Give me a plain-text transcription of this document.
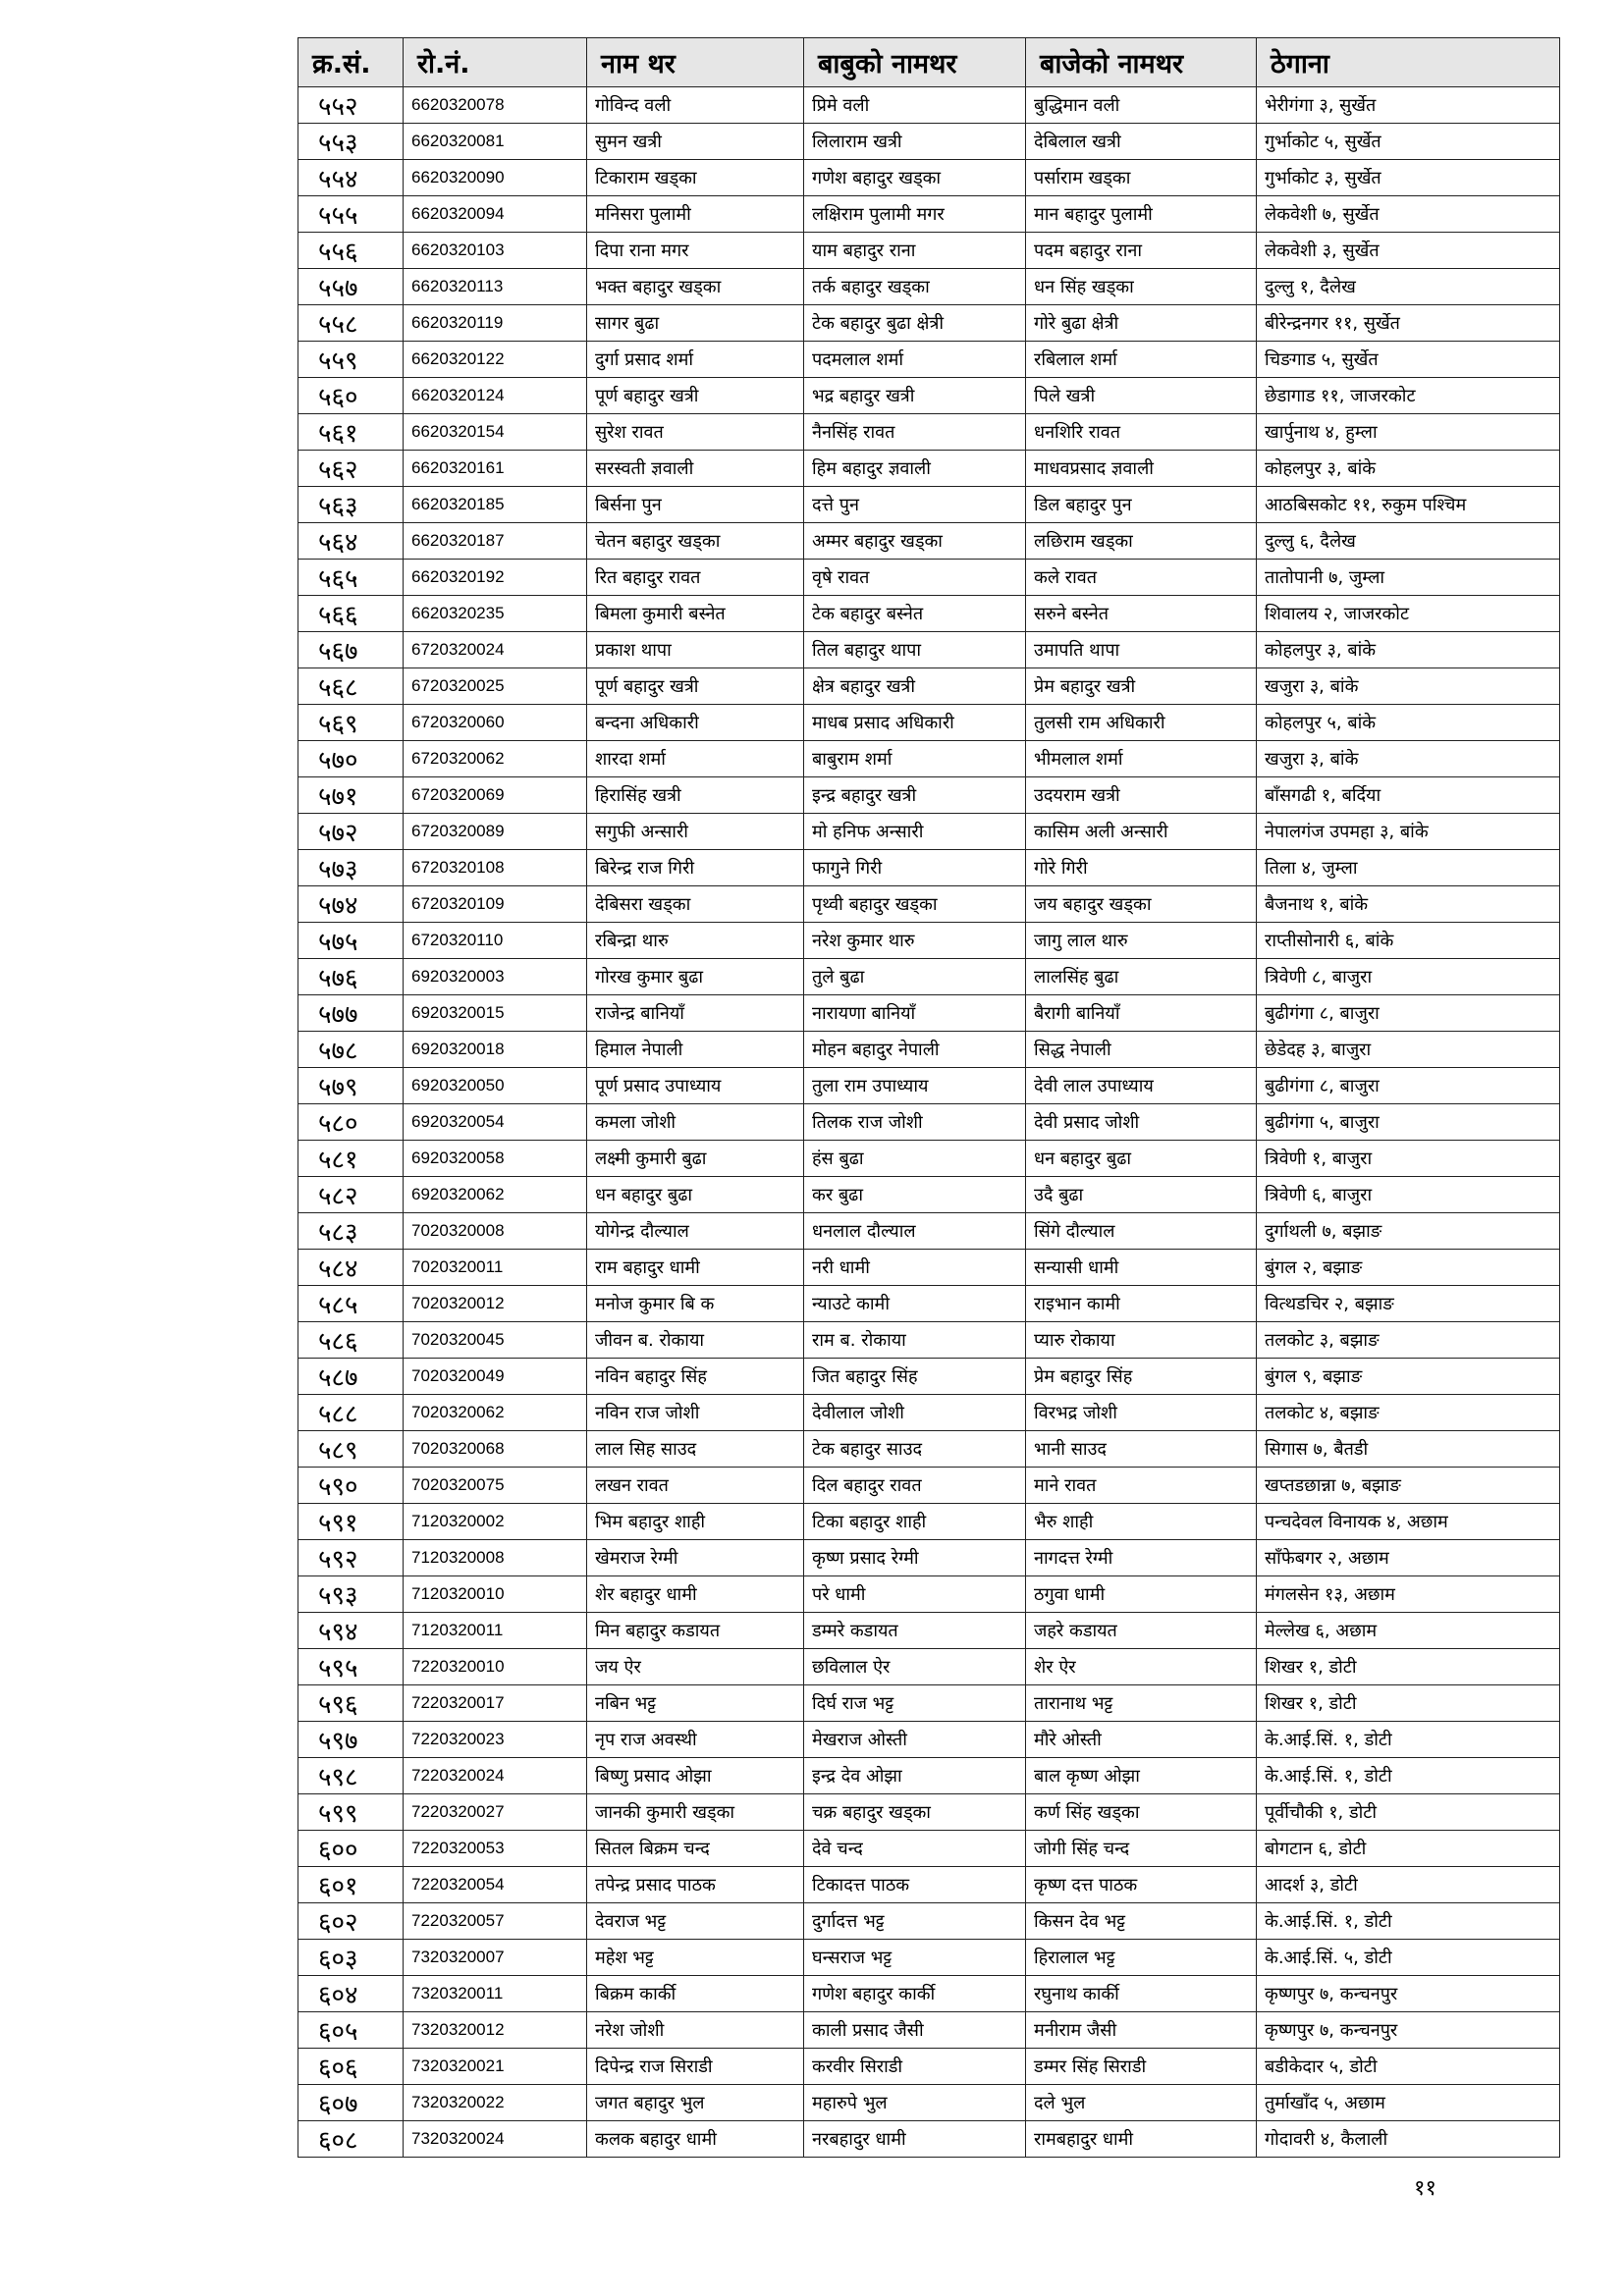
क्र.सं.	रो.नं.	नाम थर	बाबुको नामथर	बाजेको नामथर	ठेगाना
५५२	6620320078	गोविन्द वली	प्रिमे वली	बुद्धिमान वली	भेरीगंगा ३, सुर्खेत
५५३	6620320081	सुमन खत्री	लिलाराम खत्री	देबिलाल खत्री	गुर्भाकोट ५, सुर्खेत
५५४	6620320090	टिकाराम खड्का	गणेश बहादुर खड्का	पर्साराम खड्का	गुर्भाकोट ३, सुर्खेत
५५५	6620320094	मनिसरा पुलामी	लक्षिराम पुलामी मगर	मान बहादुर पुलामी	लेकवेशी ७, सुर्खेत
५५६	6620320103	दिपा राना मगर	याम बहादुर राना	पदम बहादुर राना	लेकवेशी ३, सुर्खेत
५५७	6620320113	भक्त बहादुर खड्का	तर्क बहादुर खड्का	धन सिंह खड्का	दुल्लु १, दैलेख
५५८	6620320119	सागर बुढा	टेक बहादुर बुढा क्षेत्री	गोरे बुढा क्षेत्री	बीरेन्द्रनगर ११, सुर्खेत
५५९	6620320122	दुर्गा प्रसाद शर्मा	पदमलाल शर्मा	रबिलाल शर्मा	चिङगाड ५, सुर्खेत
५६०	6620320124	पूर्ण बहादुर खत्री	भद्र बहादुर खत्री	पिले खत्री	छेडागाड ११, जाजरकोट
५६१	6620320154	सुरेश रावत	नैनसिंह रावत	धनशिरि रावत	खार्पुनाथ ४, हुम्ला
५६२	6620320161	सरस्वती ज्ञवाली	हिम बहादुर ज्ञवाली	माधवप्रसाद ज्ञवाली	कोहलपुर ३, बांके
५६३	6620320185	बिर्सना पुन	दत्ते पुन	डिल बहादुर पुन	आठबिसकोट ११, रुकुम पश्चिम
५६४	6620320187	चेतन बहादुर खड्का	अम्मर बहादुर खड्का	लछिराम खड्का	दुल्लु ६, दैलेख
५६५	6620320192	रित बहादुर रावत	वृषे रावत	कले रावत	तातोपानी ७, जुम्ला
५६६	6620320235	बिमला कुमारी बस्नेत	टेक बहादुर बस्नेत	सरुने बस्नेत	शिवालय २, जाजरकोट
५६७	6720320024	प्रकाश थापा	तिल बहादुर थापा	उमापति थापा	कोहलपुर ३, बांके
५६८	6720320025	पूर्ण बहादुर खत्री	क्षेत्र बहादुर खत्री	प्रेम बहादुर खत्री	खजुरा ३, बांके
५६९	6720320060	बन्दना अधिकारी	माधब प्रसाद अधिकारी	तुलसी राम अधिकारी	कोहलपुर ५, बांके
५७०	6720320062	शारदा शर्मा	बाबुराम शर्मा	भीमलाल शर्मा	खजुरा ३, बांके
५७१	6720320069	हिरासिंह खत्री	इन्द्र बहादुर खत्री	उदयराम खत्री	बाँसगढी १, बर्दिया
५७२	6720320089	सगुफी अन्सारी	मो हनिफ अन्सारी	कासिम अली अन्सारी	नेपालगंज उपमहा ३, बांके
५७३	6720320108	बिरेन्द्र राज गिरी	फागुने गिरी	गोरे गिरी	तिला ४, जुम्ला
५७४	6720320109	देबिसरा खड्का	पृथ्वी बहादुर खड्का	जय बहादुर खड्का	बैजनाथ १, बांके
५७५	6720320110	रबिन्द्रा थारु	नरेश कुमार थारु	जागु लाल थारु	राप्तीसोनारी ६, बांके
५७६	6920320003	गोरख कुमार बुढा	तुले बुढा	लालसिंह बुढा	त्रिवेणी ८, बाजुरा
५७७	6920320015	राजेन्द्र बानियाँ	नारायणा बानियाँ	बैरागी बानियाँ	बुढीगंगा ८, बाजुरा
५७८	6920320018	हिमाल नेपाली	मोहन बहादुर नेपाली	सिद्ध नेपाली	छेडेदह ३, बाजुरा
५७९	6920320050	पूर्ण प्रसाद उपाध्याय	तुला राम उपाध्याय	देवी लाल उपाध्याय	बुढीगंगा ८, बाजुरा
५८०	6920320054	कमला जोशी	तिलक राज जोशी	देवी प्रसाद जोशी	बुढीगंगा ५, बाजुरा
५८१	6920320058	लक्ष्मी कुमारी बुढा	हंस बुढा	धन बहादुर बुढा	त्रिवेणी १, बाजुरा
५८२	6920320062	धन बहादुर बुढा	कर बुढा	उदै बुढा	त्रिवेणी ६, बाजुरा
५८३	7020320008	योगेन्द्र दौल्याल	धनलाल दौल्याल	सिंगे दौल्याल	दुर्गाथली ७, बझाङ
५८४	7020320011	राम बहादुर धामी	नरी धामी	सन्यासी धामी	बुंगल २, बझाङ
५८५	7020320012	मनोज कुमार बि क	न्याउटे कामी	राइभान कामी	वित्थडचिर २, बझाङ
५८६	7020320045	जीवन ब. रोकाया	राम ब. रोकाया	प्यारु रोकाया	तलकोट ३, बझाङ
५८७	7020320049	नविन बहादुर सिंह	जित बहादुर सिंह	प्रेम बहादुर सिंह	बुंगल ९, बझाङ
५८८	7020320062	नविन राज जोशी	देवीलाल जोशी	विरभद्र जोशी	तलकोट ४, बझाङ
५८९	7020320068	लाल सिह साउद	टेक बहादुर साउद	भानी साउद	सिगास ७, बैतडी
५९०	7020320075	लखन रावत	दिल बहादुर रावत	माने रावत	खप्तडछान्ना ७, बझाङ
५९१	7120320002	भिम बहादुर शाही	टिका बहादुर शाही	भैरु शाही	पन्चदेवल विनायक ४, अछाम
५९२	7120320008	खेमराज रेग्मी	कृष्ण प्रसाद रेग्मी	नागदत्त रेग्मी	साँफेबगर २, अछाम
५९३	7120320010	शेर बहादुर धामी	परे धामी	ठगुवा धामी	मंगलसेन १३, अछाम
५९४	7120320011	मिन बहादुर कडायत	डम्मरे कडायत	जहरे कडायत	मेल्लेख ६, अछाम
५९५	7220320010	जय ऐर	छविलाल ऐर	शेर ऐर	शिखर १, डोटी
५९६	7220320017	नबिन भट्ट	दिर्घ राज भट्ट	तारानाथ भट्ट	शिखर १, डोटी
५९७	7220320023	नृप राज अवस्थी	मेखराज ओस्ती	मौरे ओस्ती	के.आई.सिं. १, डोटी
५९८	7220320024	बिष्णु प्रसाद ओझा	इन्द्र देव ओझा	बाल कृष्ण ओझा	के.आई.सिं. १, डोटी
५९९	7220320027	जानकी कुमारी खड्का	चक्र बहादुर खड्का	कर्ण सिंह खड्का	पूर्वीचौकी १, डोटी
६००	7220320053	सितल बिक्रम चन्द	देवे चन्द	जोगी सिंह चन्द	बोगटान ६, डोटी
६०१	7220320054	तपेन्द्र प्रसाद पाठक	टिकादत्त पाठक	कृष्ण दत्त पाठक	आदर्श ३, डोटी
६०२	7220320057	देवराज भट्ट	दुर्गादत्त भट्ट	किसन देव भट्ट	के.आई.सिं. १, डोटी
६०३	7320320007	महेश भट्ट	घन्सराज भट्ट	हिरालाल भट्ट	के.आई.सिं. ५, डोटी
६०४	7320320011	बिक्रम कार्की	गणेश बहादुर कार्की	रघुनाथ कार्की	कृष्णपुर ७, कन्चनपुर
६०५	7320320012	नरेश जोशी	काली प्रसाद जैसी	मनीराम जैसी	कृष्णपुर ७, कन्चनपुर
६०६	7320320021	दिपेन्द्र राज सिराडी	करवीर सिराडी	डम्मर सिंह सिराडी	बडीकेदार ५, डोटी
६०७	7320320022	जगत बहादुर भुल	महारुपे भुल	दले भुल	तुर्माखाँद ५, अछाम
६०८	7320320024	कलक बहादुर धामी	नरबहादुर धामी	रामबहादुर धामी	गोदावरी ४, कैलाली
११
